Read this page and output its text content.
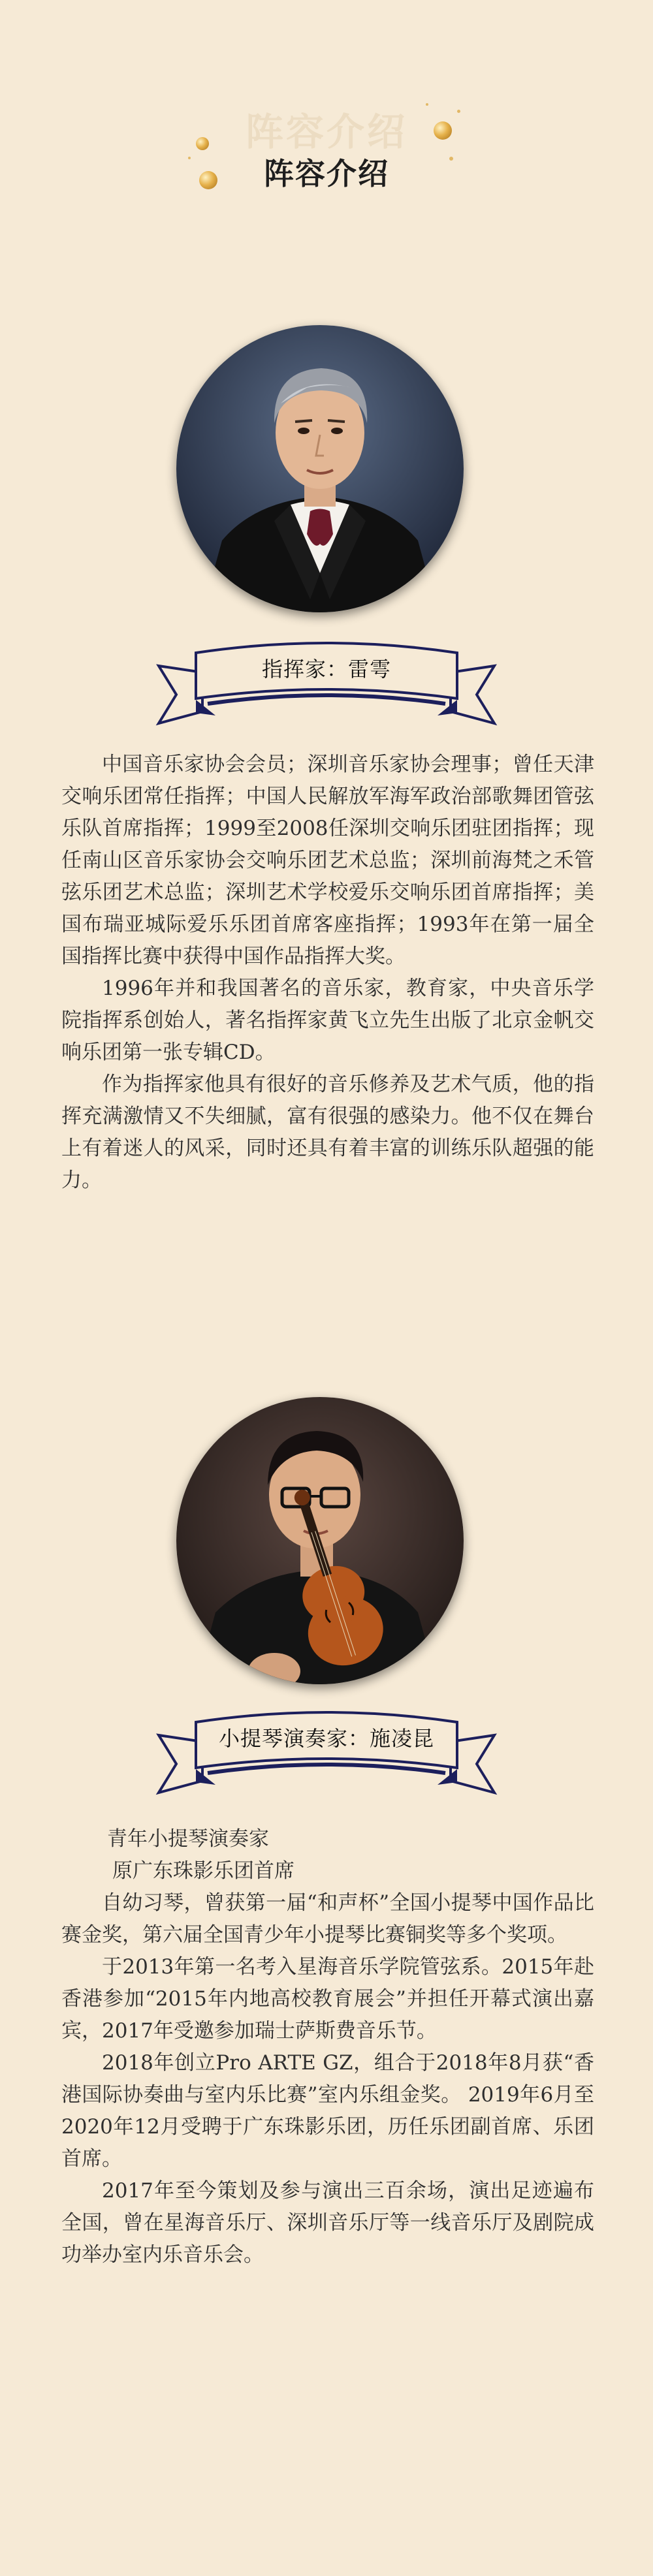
阵容介绍
阵容介绍
指挥家：雷雩

中国音乐家协会会员；深圳音乐家协会理事；曾任天津交响乐团常任指挥；中国人民解放军海军政治部歌舞团管弦乐队首席指挥；1999至2008任深圳交响乐团驻团指挥；现任南山区音乐家协会交响乐团艺术总监；深圳前海梵之禾管弦乐团艺术总监；深圳艺术学校爱乐交响乐团首席指挥；美国布瑞亚城际爱乐乐团首席客座指挥；1993年在第一届全国指挥比赛中获得中国作品指挥大奖。

1996年并和我国著名的音乐家，教育家，中央音乐学院指挥系创始人，著名指挥家黄飞立先生出版了北京金帆交响乐团第一张专辑CD。

作为指挥家他具有很好的音乐修养及艺术气质，他的指挥充满激情又不失细腻，富有很强的感染力。他不仅在舞台上有着迷人的风采，同时还具有着丰富的训练乐队超强的能力。

小提琴演奏家：施凌昆

青年小提琴演奏家

原广东珠影乐团首席

自幼习琴，曾获第一届“和声杯”全国小提琴中国作品比赛金奖，第六届全国青少年小提琴比赛铜奖等多个奖项。

于2013年第一名考入星海音乐学院管弦系。2015年赴香港参加“2015年内地高校教育展会”并担任开幕式演出嘉宾，2017年受邀参加瑞士萨斯费音乐节。

2018年创立Pro ARTE GZ，组合于2018年8月获“香港国际协奏曲与室内乐比赛”室内乐组金奖。 2019年6月至2020年12月受聘于广东珠影乐团，历任乐团副首席、乐团首席。

2017年至今策划及参与演出三百余场，演出足迹遍布全国，曾在星海音乐厅、深圳音乐厅等一线音乐厅及剧院成功举办室内乐音乐会。
